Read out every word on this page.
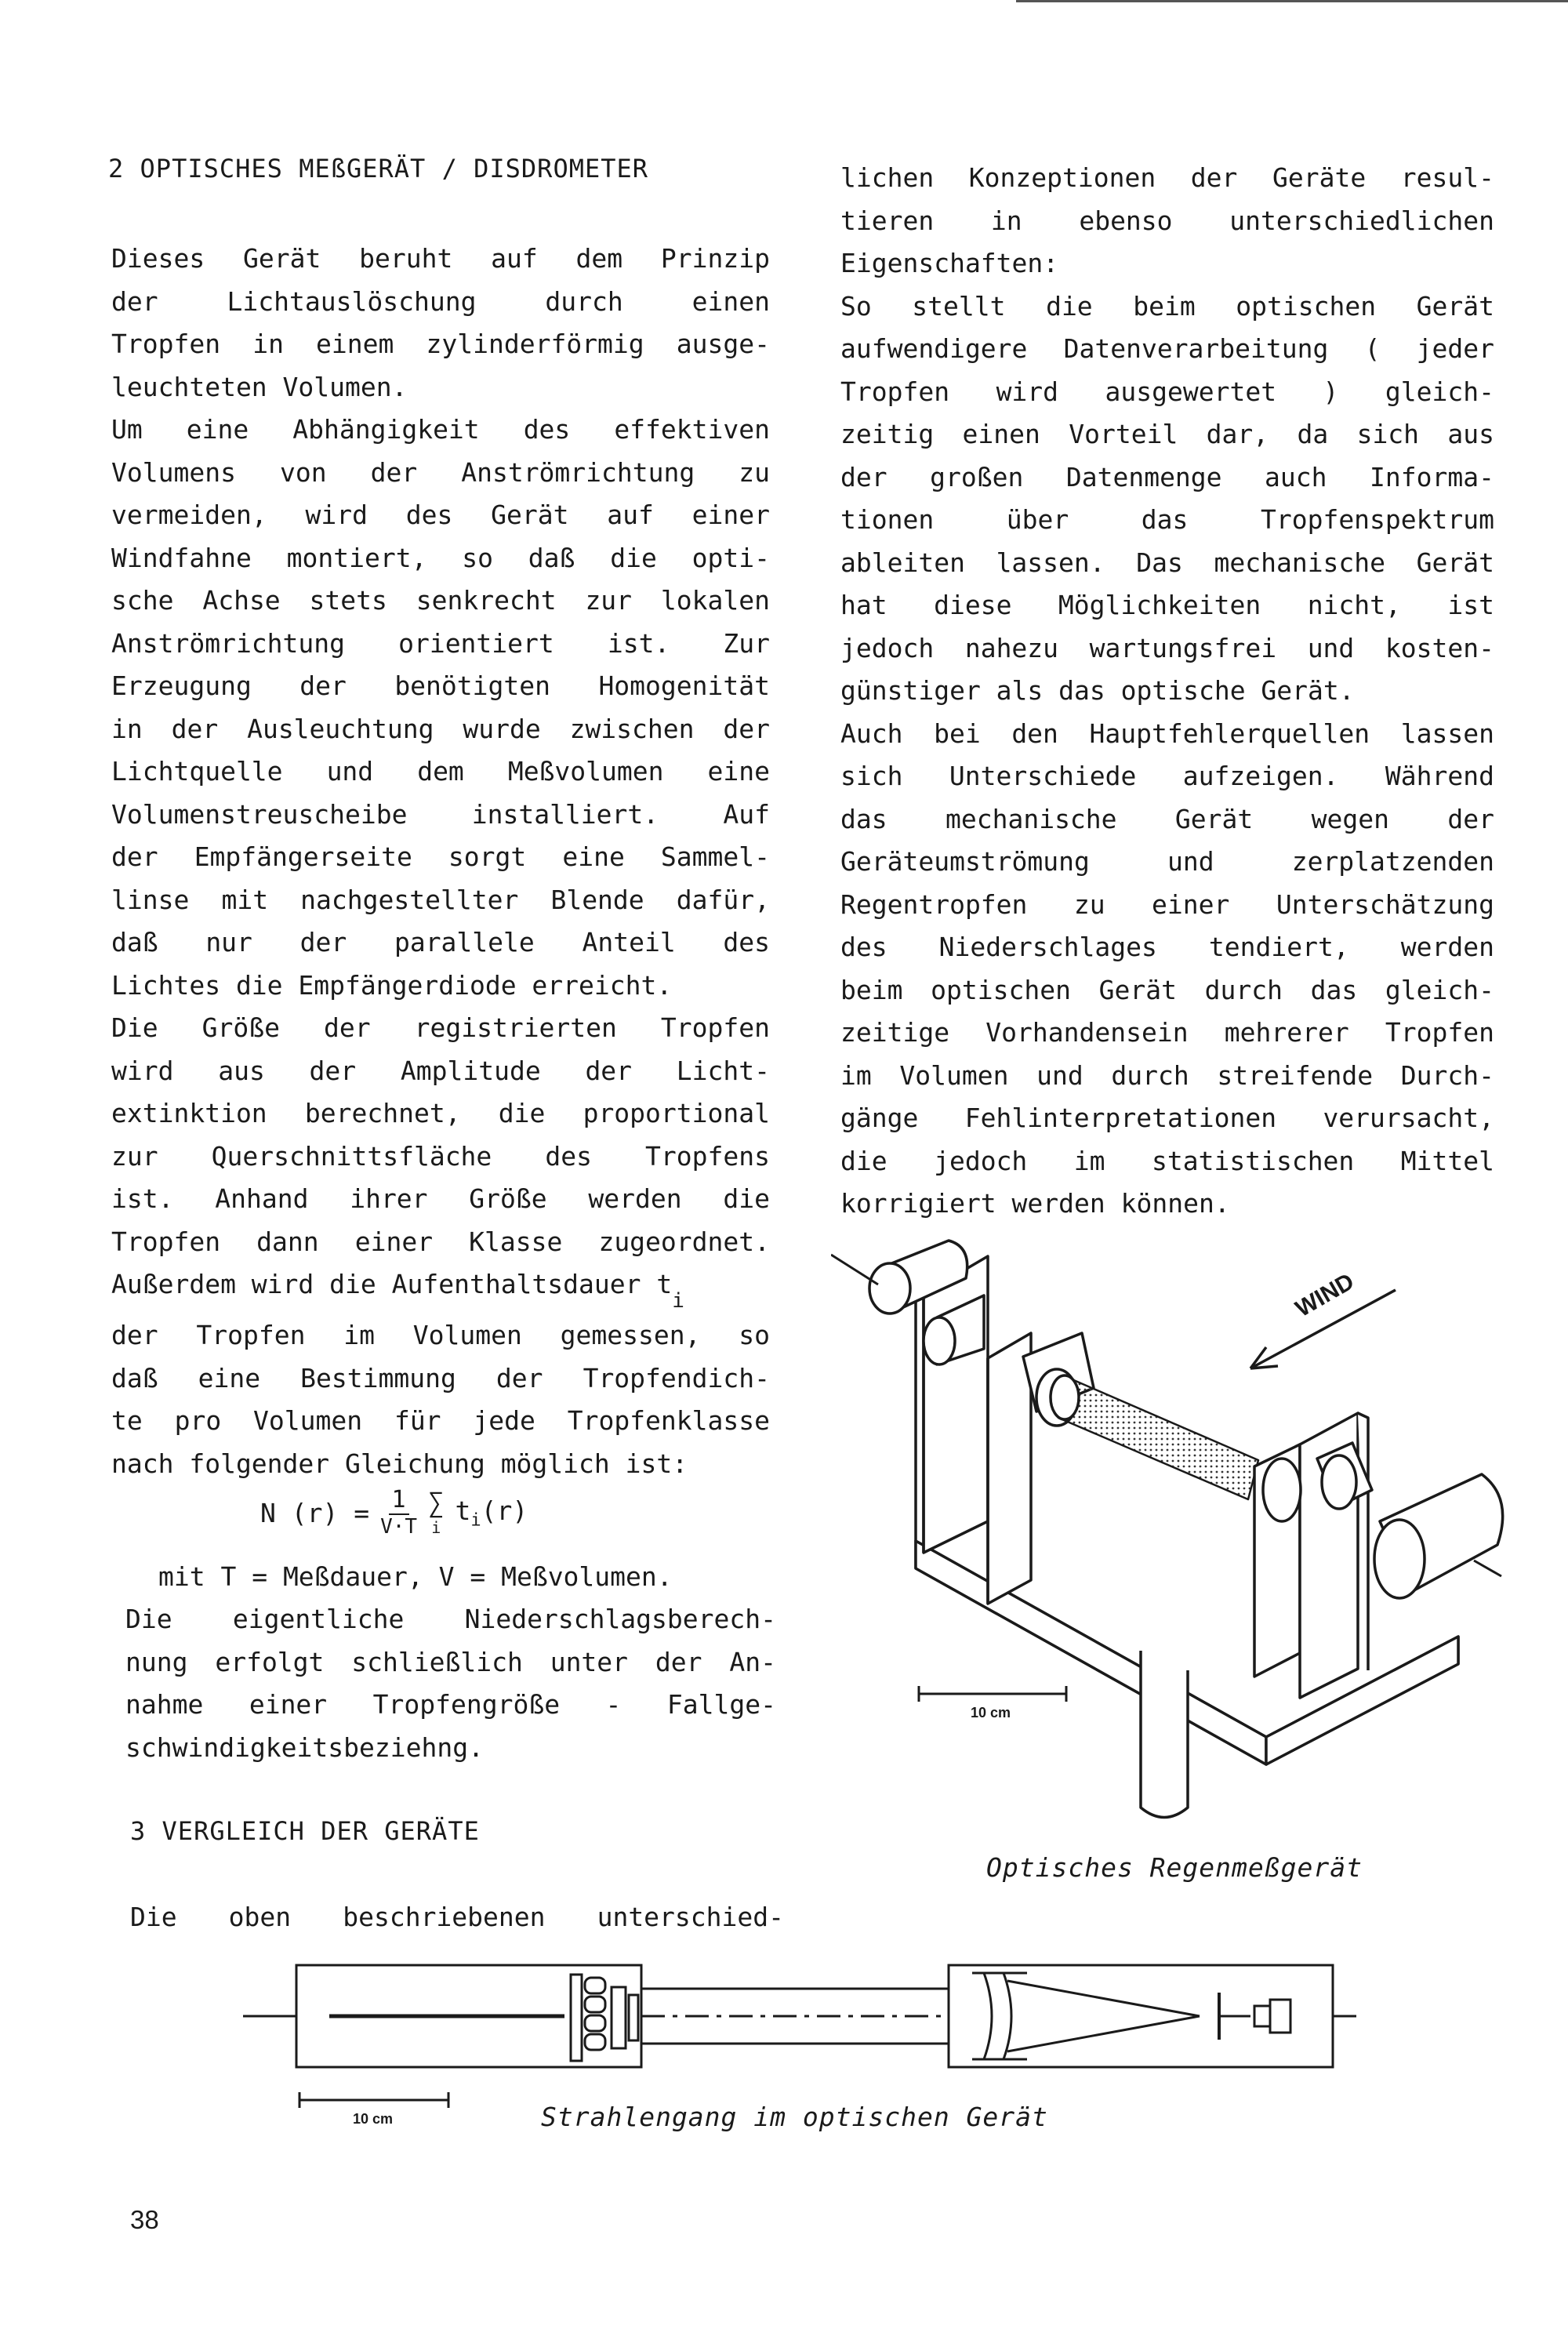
2 OPTISCHES MEßGERÄT / DISDROMETER

Dieses Gerät beruht auf dem Prinzip

der Lichtauslöschung durch einen

Tropfen in einem zylinderförmig ausge-

leuchteten Volumen.

Um eine Abhängigkeit des effektiven

Volumens von der Anströmrichtung zu

vermeiden, wird des Gerät auf einer

Windfahne montiert, so daß die opti-

sche Achse stets senkrecht zur lokalen

Anströmrichtung orientiert ist. Zur

Erzeugung der benötigten Homogenität

in der Ausleuchtung wurde zwischen der

Lichtquelle und dem Meßvolumen eine

Volumenstreuscheibe installiert. Auf

der Empfängerseite sorgt eine Sammel-

linse mit nachgestellter Blende dafür,

daß nur der parallele Anteil des

Lichtes die Empfängerdiode erreicht.

Die Größe der registrierten Tropfen

wird aus der Amplitude der Licht-

extinktion berechnet, die proportional

zur Querschnittsfläche des Tropfens

ist. Anhand ihrer Größe werden die

Tropfen dann einer Klasse zugeordnet.

Außerdem wird die Aufenthaltsdauer $t_i$

der Tropfen im Volumen gemessen, so

daß eine Bestimmung der Tropfendich-

te pro Volumen für jede Tropfenklasse

nach folgender Gleichung möglich ist:

N $(r) = \frac{1}{V\cdot T}$ ∑
i
$t_i(r)$

mit T = Meßdauer, V = Meßvolumen.

Die eigentliche Niederschlagsberech-

nung erfolgt schließlich unter der An-

nahme einer Tropfengröße - Fallge-

schwindigkeitsbeziehng.

3 VERGLEICH DER GERÄTE

Die oben beschriebenen unterschied-

lichen Konzeptionen der Geräte resul-

tieren in ebenso unterschiedlichen

Eigenschaften:

So stellt die beim optischen Gerät

aufwendigere Datenverarbeitung ( jeder

Tropfen wird ausgewertet ) gleich-

zeitig einen Vorteil dar, da sich aus

der großen Datenmenge auch Informa-

tionen über das Tropfenspektrum

ableiten lassen. Das mechanische Gerät

hat diese Möglichkeiten nicht, ist

jedoch nahezu wartungsfrei und kosten-

günstiger als das optische Gerät.

Auch bei den Hauptfehlerquellen lassen

sich Unterschiede aufzeigen. Während

das mechanische Gerät wegen der

Geräteumströmung und zerplatzenden

Regentropfen zu einer Unterschätzung

des Niederschlages tendiert, werden

beim optischen Gerät durch das gleich-

zeitige Vorhandensein mehrerer Tropfen

im Volumen und durch streifende Durch-

gänge Fehlinterpretationen verursacht,

die jedoch im statistischen Mittel

korrigiert werden können.

WIND
10 cm
Optisches Regenmeßgerät
10 cm	Strahlengang im optischen Gerät
38
